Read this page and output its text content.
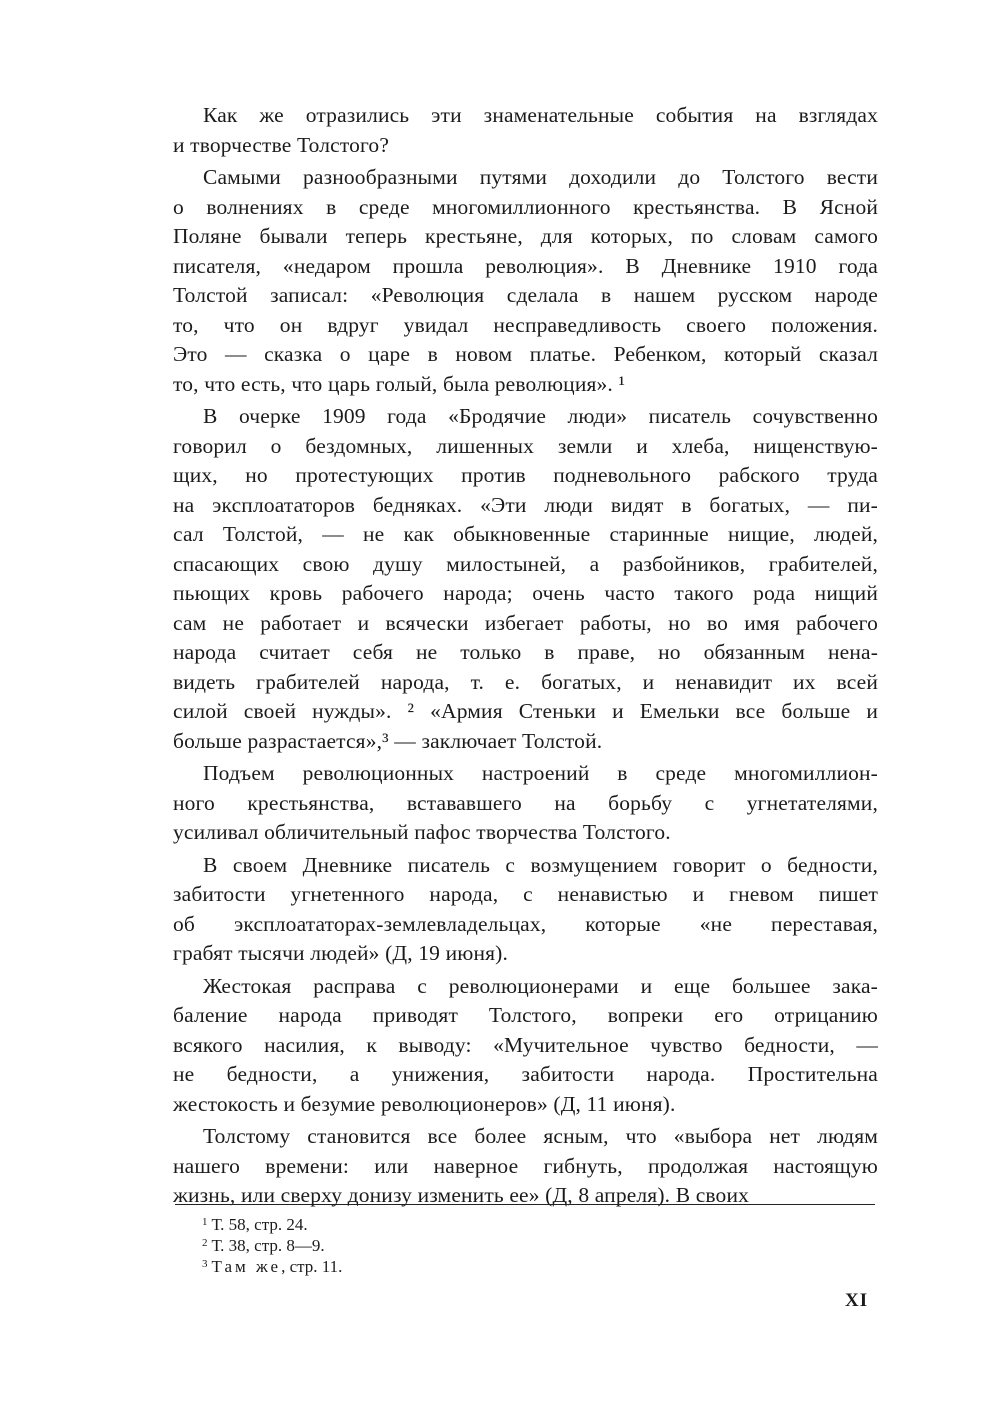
Как же отразились эти знаменательные события на взглядах
и творчестве Толстого?
Самыми разнообразными путями доходили до Толстого вести
о волнениях в среде многомиллионного крестьянства. В Ясной
Поляне бывали теперь крестьяне, для которых, по словам самого
писателя, «недаром прошла революция». В Дневнике 1910 года
Толстой записал: «Революция сделала в нашем русском народе
то, что он вдруг увидал несправедливость своего положения.
Это — сказка о царе в новом платье. Ребенком, который сказал
то, что есть, что царь голый, была революция». ¹
В очерке 1909 года «Бродячие люди» писатель сочувственно
говорил о бездомных, лишенных земли и хлеба, нищенствую-
щих, но протестующих против подневольного рабского труда
на эксплоататоров бедняках. «Эти люди видят в богатых, — пи-
сал Толстой, — не как обыкновенные старинные нищие, людей,
спасающих свою душу милостыней, а разбойников, грабителей,
пьющих кровь рабочего народа; очень часто такого рода нищий
сам не работает и всячески избегает работы, но во имя рабочего
народа считает себя не только в праве, но обязанным нена-
видеть грабителей народа, т. е. богатых, и ненавидит их всей
силой своей нужды». ² «Армия Стеньки и Емельки все больше и
больше разрастается»,³ — заключает Толстой.
Подъем революционных настроений в среде многомиллион-
ного крестьянства, встававшего на борьбу с угнетателями,
усиливал обличительный пафос творчества Толстого.
В своем Дневнике писатель с возмущением говорит о бедности,
забитости угнетенного народа, с ненавистью и гневом пишет
об эксплоататорах-землевладельцах, которые «не переставая,
грабят тысячи людей» (Д, 19 июня).
Жестокая расправа с революционерами и еще большее зака-
баление народа приводят Толстого, вопреки его отрицанию
всякого насилия, к выводу: «Мучительное чувство бедности, —
не бедности, а унижения, забитости народа. Простительна
жестокость и безумие революционеров» (Д, 11 июня).
Толстому становится все более ясным, что «выбора нет людям
нашего времени: или наверное гибнуть, продолжая настоящую
жизнь, или сверху донизу изменить ее» (Д, 8 апреля). В своих
$^1$ Т. 58, стр. 24.
$^2$ Т. 38, стр. 8—9.
$^3$ Там же, стр. 11.
XI
